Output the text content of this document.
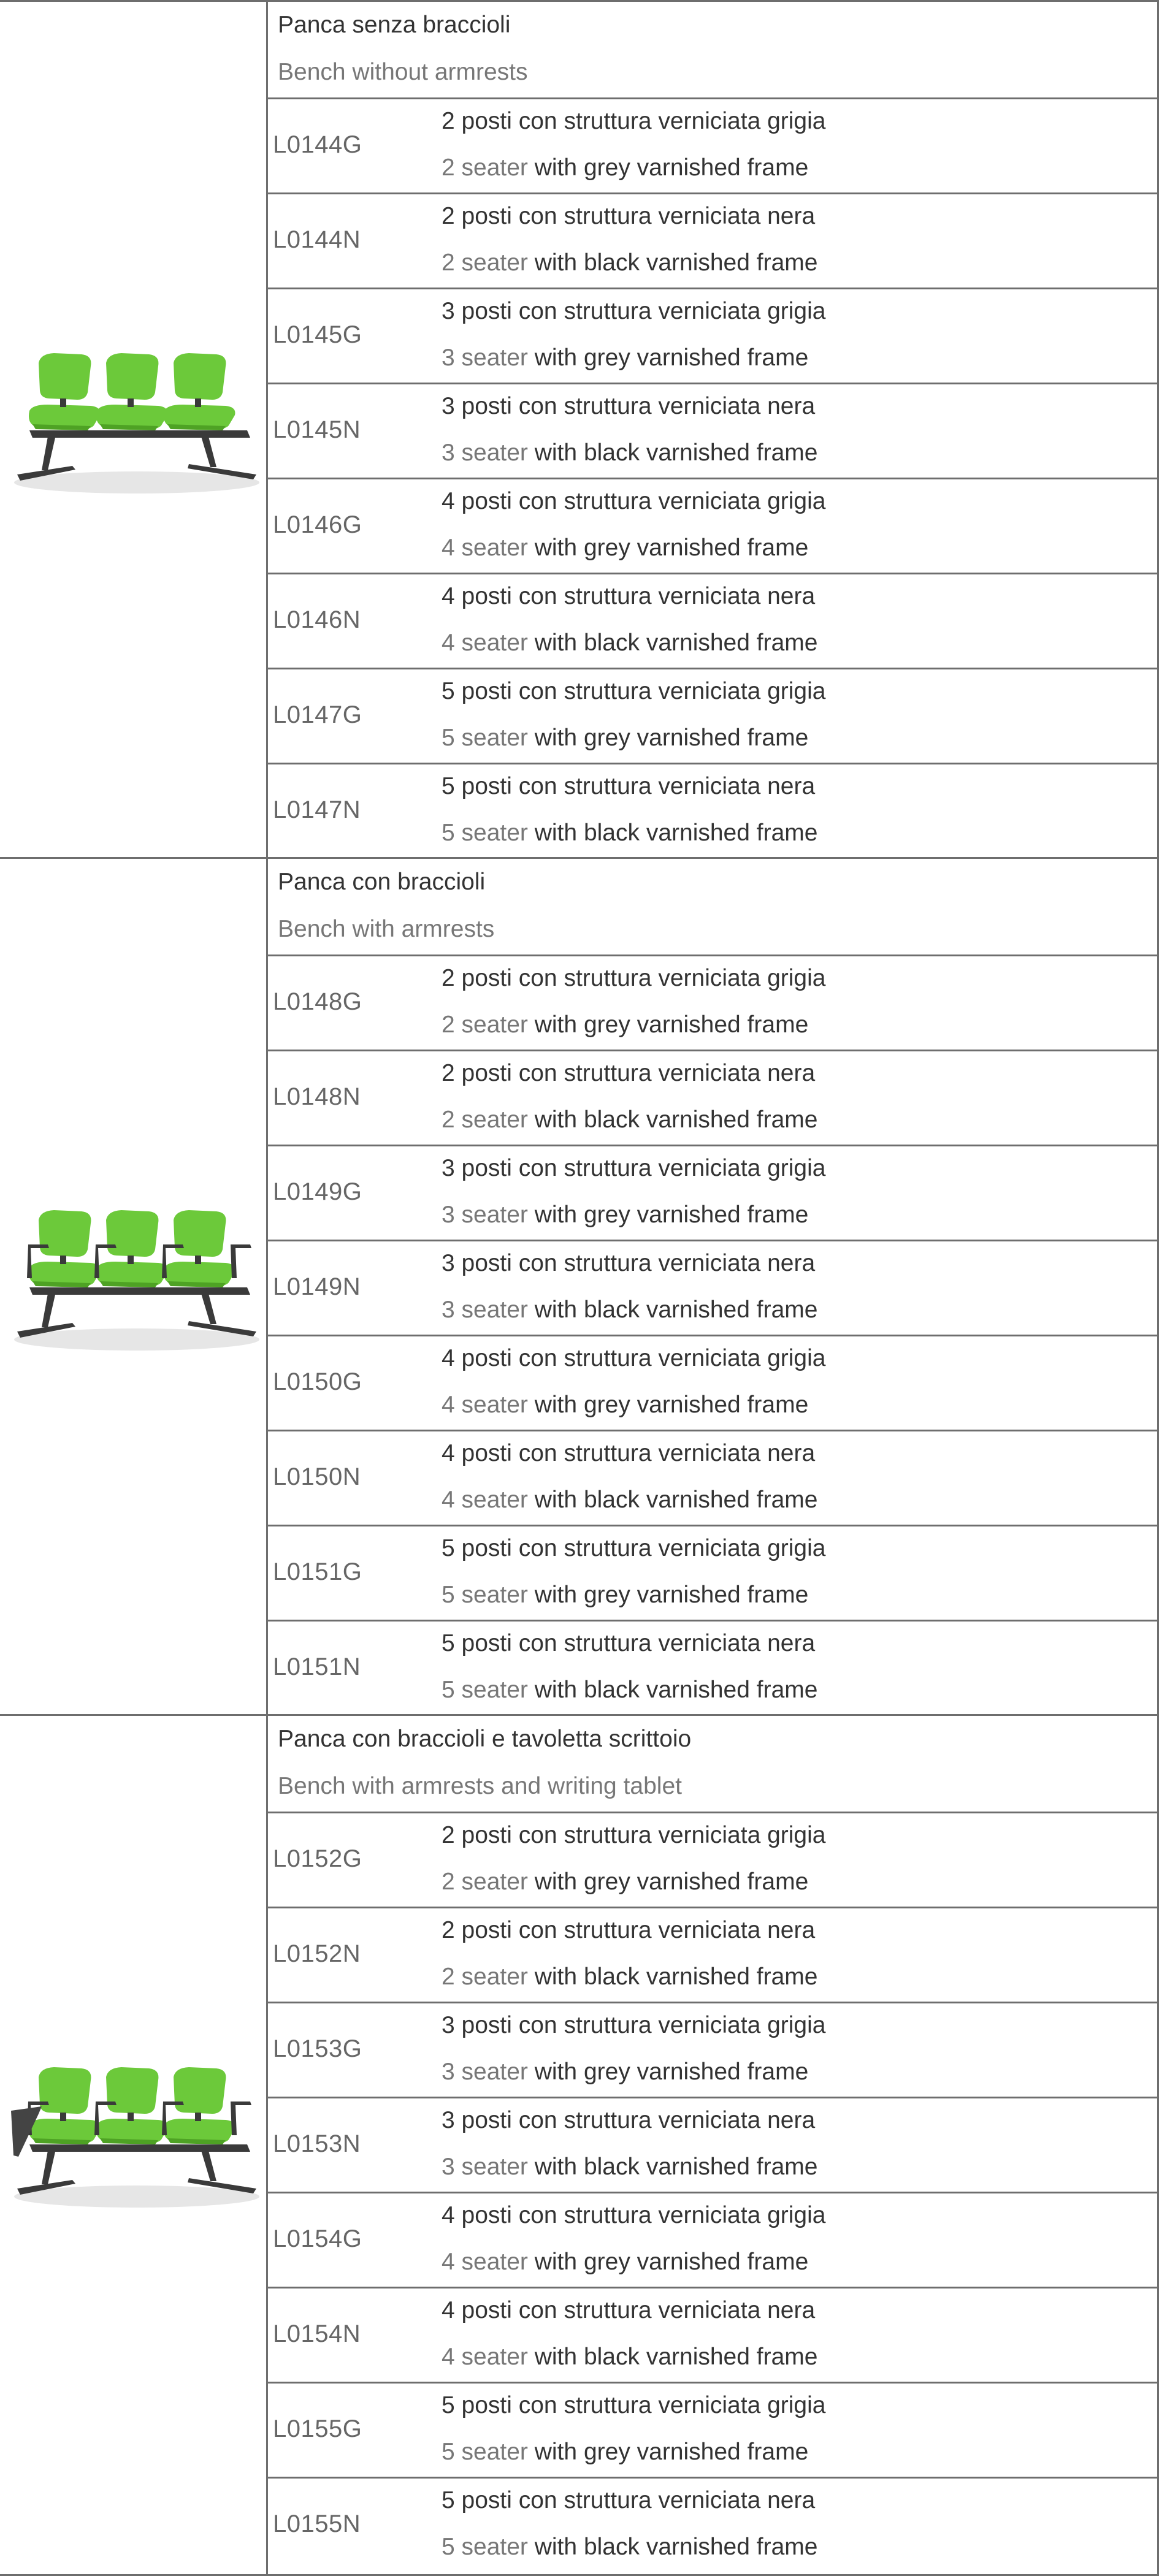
Panca senza braccioli
Bench without armrests
L0144G
2 posti con struttura verniciata grigia
2 seater with grey varnished frame
L0144N
2 posti con struttura verniciata nera
2 seater with black varnished frame
L0145G
3 posti con struttura verniciata grigia
3 seater with grey varnished frame
L0145N
3 posti con struttura verniciata nera
3 seater with black varnished frame
L0146G
4 posti con struttura verniciata grigia
4 seater with grey varnished frame
L0146N
4 posti con struttura verniciata nera
4 seater with black varnished frame
L0147G
5 posti con struttura verniciata grigia
5 seater with grey varnished frame
L0147N
5 posti con struttura verniciata nera
5 seater with black varnished frame
Panca con braccioli
Bench with armrests
L0148G
2 posti con struttura verniciata grigia
2 seater with grey varnished frame
L0148N
2 posti con struttura verniciata nera
2 seater with black varnished frame
L0149G
3 posti con struttura verniciata grigia
3 seater with grey varnished frame
L0149N
3 posti con struttura verniciata nera
3 seater with black varnished frame
L0150G
4 posti con struttura verniciata grigia
4 seater with grey varnished frame
L0150N
4 posti con struttura verniciata nera
4 seater with black varnished frame
L0151G
5 posti con struttura verniciata grigia
5 seater with grey varnished frame
L0151N
5 posti con struttura verniciata nera
5 seater with black varnished frame
Panca con braccioli e tavoletta scrittoio
Bench with armrests and writing tablet
L0152G
2 posti con struttura verniciata grigia
2 seater with grey varnished frame
L0152N
2 posti con struttura verniciata nera
2 seater with black varnished frame
L0153G
3 posti con struttura verniciata grigia
3 seater with grey varnished frame
L0153N
3 posti con struttura verniciata nera
3 seater with black varnished frame
L0154G
4 posti con struttura verniciata grigia
4 seater with grey varnished frame
L0154N
4 posti con struttura verniciata nera
4 seater with black varnished frame
L0155G
5 posti con struttura verniciata grigia
5 seater with grey varnished frame
L0155N
5 posti con struttura verniciata nera
5 seater with black varnished frame
